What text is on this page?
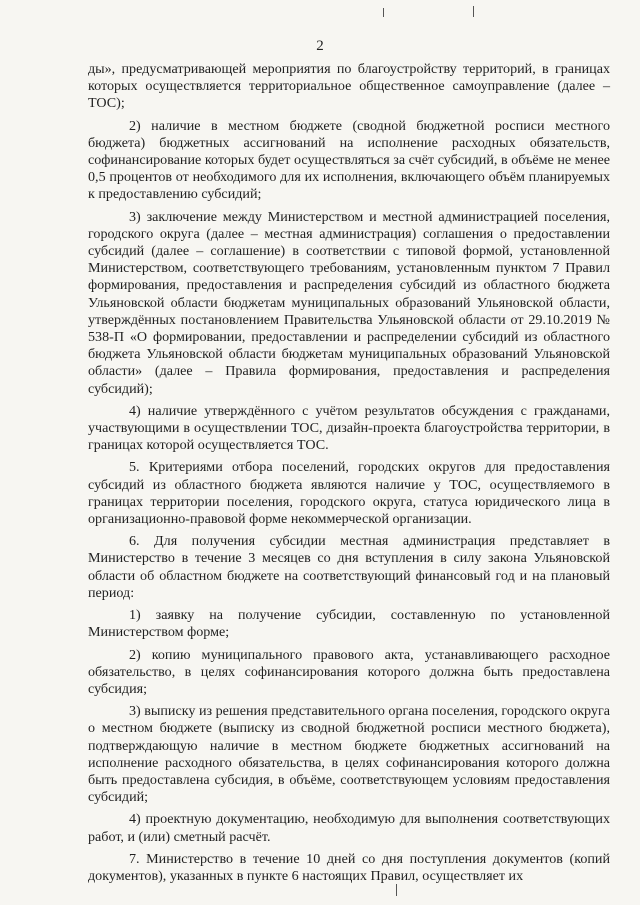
2

ды», предусматривающей мероприятия по благоустройству территорий, в границах которых осуществляется территориальное общественное самоуправление (далее – ТОС);

2) наличие в местном бюджете (сводной бюджетной росписи местного бюджета) бюджетных ассигнований на исполнение расходных обязательств, софинансирование которых будет осуществляться за счёт субсидий, в объёме не менее 0,5 процентов от необходимого для их исполнения, включающего объём планируемых к предоставлению субсидий;

3) заключение между Министерством и местной администрацией поселения, городского округа (далее – местная администрация) соглашения о предоставлении субсидий (далее – соглашение) в соответствии с типовой формой, установленной Министерством, соответствующего требованиям, установленным пунктом 7 Правил формирования, предоставления и распределения субсидий из областного бюджета Ульяновской области бюджетам муниципальных образований Ульяновской области, утверждённых постановлением Правительства Ульяновской области от 29.10.2019 № 538-П «О формировании, предоставлении и распределении субсидий из областного бюджета Ульяновской области бюджетам муниципальных образований Ульяновской области» (далее – Правила формирования, предоставления и распределения субсидий);

4) наличие утверждённого с учётом результатов обсуждения с гражданами, участвующими в осуществлении ТОС, дизайн-проекта благоустройства территории, в границах которой осуществляется ТОС.

5. Критериями отбора поселений, городских округов для предоставления субсидий из областного бюджета являются наличие у ТОС, осуществляемого в границах территории поселения, городского округа, статуса юридического лица в организационно-правовой форме некоммерческой организации.

6. Для получения субсидии местная администрация представляет в Министерство в течение 3 месяцев со дня вступления в силу закона Ульяновской области об областном бюджете на соответствующий финансовый год и на плановый период:

1) заявку на получение субсидии, составленную по установленной Министерством форме;

2) копию муниципального правового акта, устанавливающего расходное обязательство, в целях софинансирования которого должна быть предоставлена субсидия;

3) выписку из решения представительного органа поселения, городского округа о местном бюджете (выписку из сводной бюджетной росписи местного бюджета), подтверждающую наличие в местном бюджете бюджетных ассигнований на исполнение расходного обязательства, в целях софинансирования которого должна быть предоставлена субсидия, в объёме, соответствующем условиям предоставления субсидий;

4) проектную документацию, необходимую для выполнения соответствующих работ, и (или) сметный расчёт.

7. Министерство в течение 10 дней со дня поступления документов (копий документов), указанных в пункте 6 настоящих Правил, осуществляет их
